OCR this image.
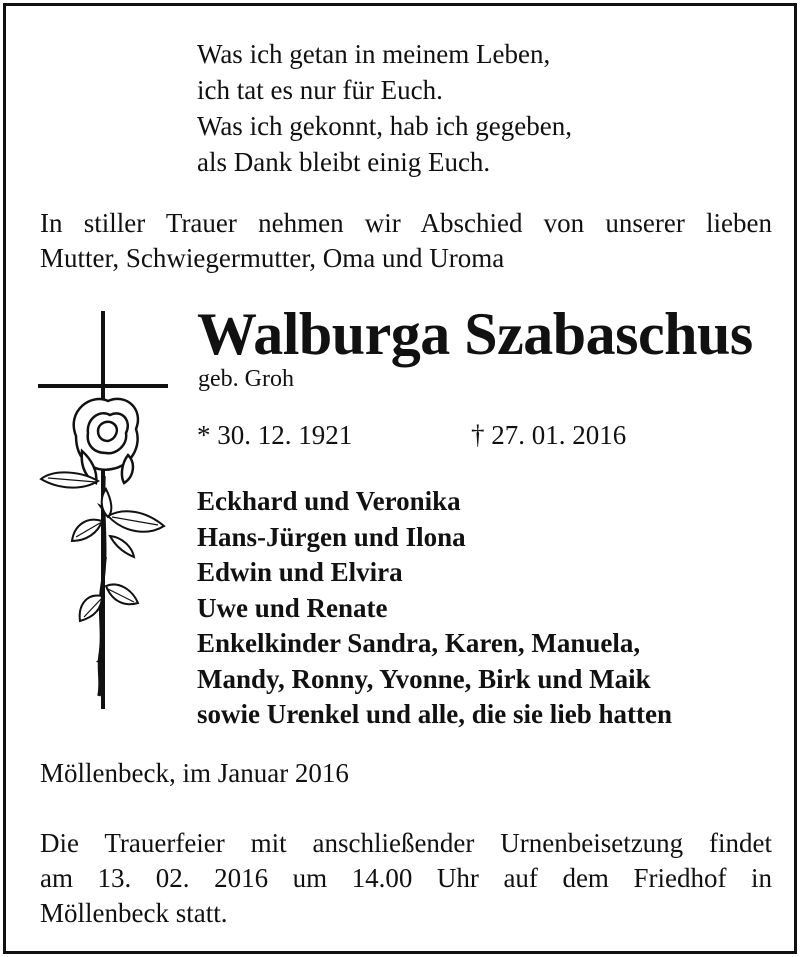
Was ich getan in meinem Leben,
ich tat es nur für Euch.
Was ich gekonnt, hab ich gegeben,
als Dank bleibt einig Euch.
In stiller Trauer nehmen wir Abschied von unserer lieben
Mutter, Schwiegermutter, Oma und Uroma
Walburga Szabaschus
geb. Groh
* 30. 12. 1921	† 27. 01. 2016
Eckhard und Veronika
Hans-Jürgen und Ilona
Edwin und Elvira
Uwe und Renate
Enkelkinder Sandra, Karen, Manuela,
Mandy, Ronny, Yvonne, Birk und Maik
sowie Urenkel und alle, die sie lieb hatten
Möllenbeck, im Januar 2016
Die Trauerfeier mit anschließender Urnenbeisetzung findet
am 13. 02. 2016 um 14.00 Uhr auf dem Friedhof in
Möllenbeck statt.
